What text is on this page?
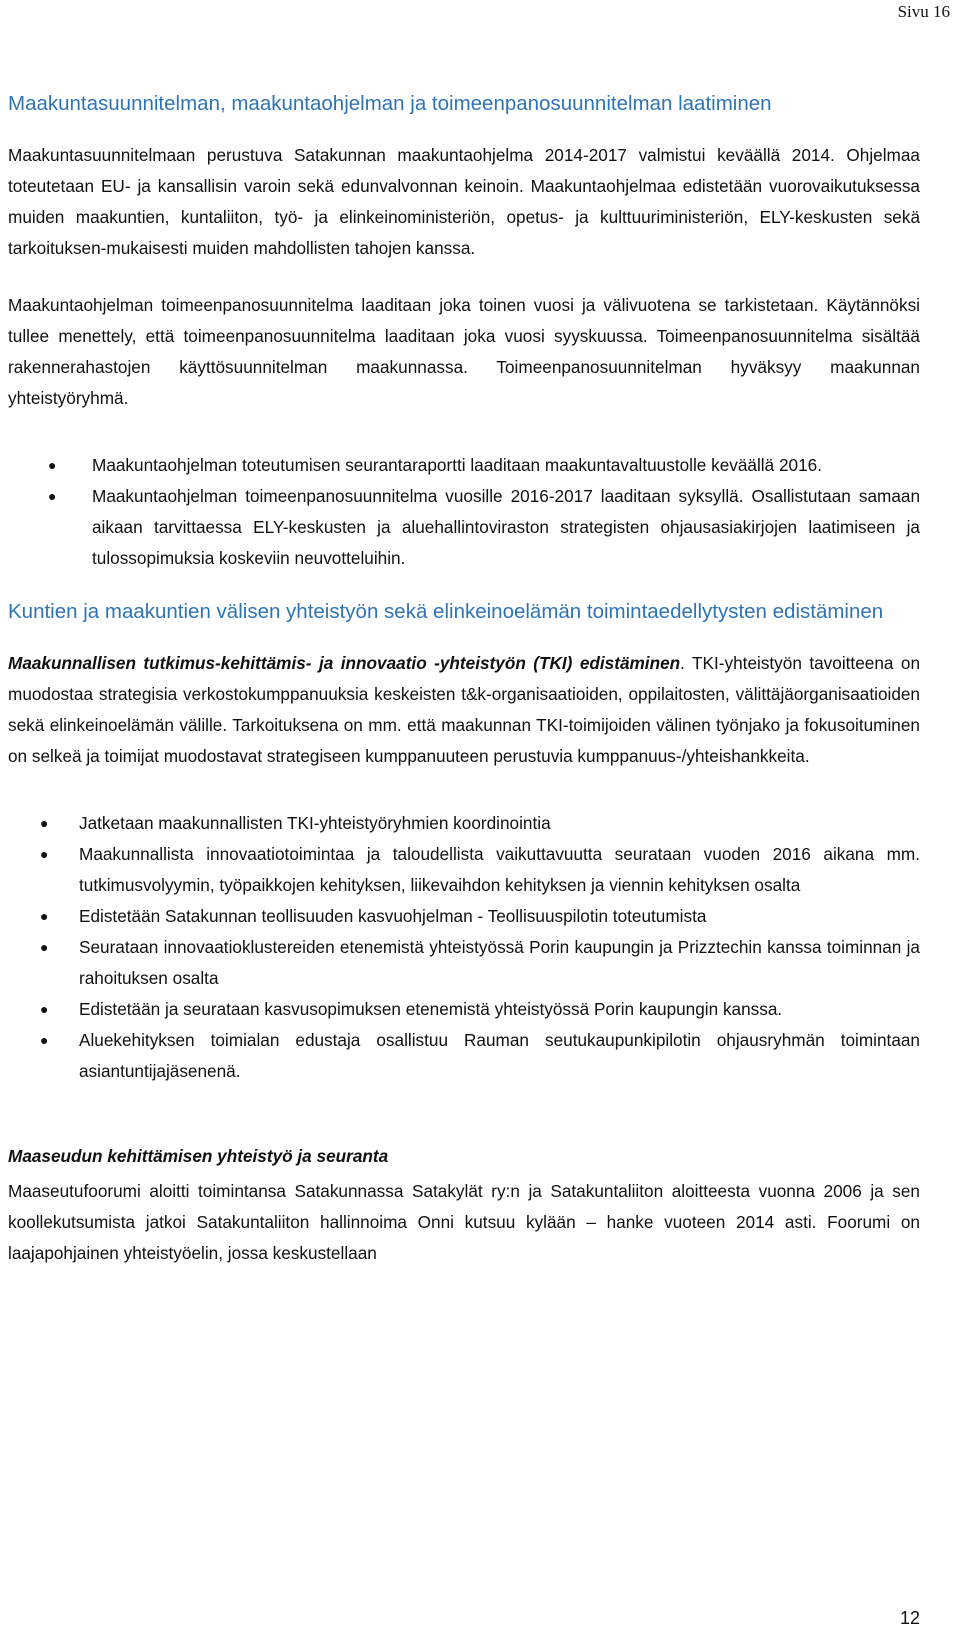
Sivu 16
Maakuntasuunnitelman, maakuntaohjelman ja toimeenpanosuunnitelman laatiminen

Maakuntasuunnitelmaan perustuva Satakunnan maakuntaohjelma 2014-2017 valmistui keväällä 2014. Ohjelmaa toteutetaan EU- ja kansallisin varoin sekä edunvalvonnan keinoin. Maakuntaohjelmaa edistetään vuorovaikutuksessa muiden maakuntien, kuntaliiton, työ- ja elinkeinoministeriön, opetus- ja kulttuuriministeriön, ELY-keskusten sekä tarkoituksen-mukaisesti muiden mahdollisten tahojen kanssa.

Maakuntaohjelman toimeenpanosuunnitelma laaditaan joka toinen vuosi ja välivuotena se tarkistetaan. Käytännöksi tullee menettely, että toimeenpanosuunnitelma laaditaan joka vuosi syyskuussa. Toimeenpanosuunnitelma sisältää rakennerahastojen käyttösuunnitelman maakunnassa. Toimeenpanosuunnitelman hyväksyy maakunnan yhteistyöryhmä.

● Maakuntaohjelman toteutumisen seurantaraportti laaditaan maakuntavaltuustolle keväällä 2016.
● Maakuntaohjelman toimeenpanosuunnitelma vuosille 2016-2017 laaditaan syksyllä. Osallistutaan samaan aikaan tarvittaessa ELY-keskusten ja aluehallintoviraston strategisten ohjausasiakirjojen laatimiseen ja tulossopimuksia koskeviin neuvotteluihin.
Kuntien ja maakuntien välisen yhteistyön sekä elinkeinoelämän toimintaedellytysten edistäminen

Maakunnallisen tutkimus-kehittämis- ja innovaatio -yhteistyön (TKI) edistäminen. TKI-yhteistyön tavoitteena on muodostaa strategisia verkostokumppanuuksia keskeisten t&k-organisaatioiden, oppilaitosten, välittäjäorganisaatioiden sekä elinkeinoelämän välille. Tarkoituksena on mm. että maakunnan TKI-toimijoiden välinen työnjako ja fokusoituminen on selkeä ja toimijat muodostavat strategiseen kumppanuuteen perustuvia kumppanuus-/yhteishankkeita.

● Jatketaan maakunnallisten TKI-yhteistyöryhmien koordinointia
● Maakunnallista innovaatiotoimintaa ja taloudellista vaikuttavuutta seurataan vuoden 2016 aikana mm. tutkimusvolyymin, työpaikkojen kehityksen, liikevaihdon kehityksen ja viennin kehityksen osalta
● Edistetään Satakunnan teollisuuden kasvuohjelman - Teollisuuspilotin toteutumista
● Seurataan innovaatioklustereiden etenemistä yhteistyössä Porin kaupungin ja Prizztechin kanssa toiminnan ja rahoituksen osalta
● Edistetään ja seurataan kasvusopimuksen etenemistä yhteistyössä Porin kaupungin kanssa.
● Aluekehityksen toimialan edustaja osallistuu Rauman seutukaupunkipilotin ohjausryhmän toimintaan asiantuntijajäsenenä.

Maaseudun kehittämisen yhteistyö ja seuranta

Maaseutufoorumi aloitti toimintansa Satakunnassa Satakylät ry:n ja Satakuntaliiton aloitteesta vuonna 2006 ja sen koollekutsumista jatkoi Satakuntaliiton hallinnoima Onni kutsuu kylään – hanke vuoteen 2014 asti. Foorumi on laajapohjainen yhteistyöelin, jossa keskustellaan

12
